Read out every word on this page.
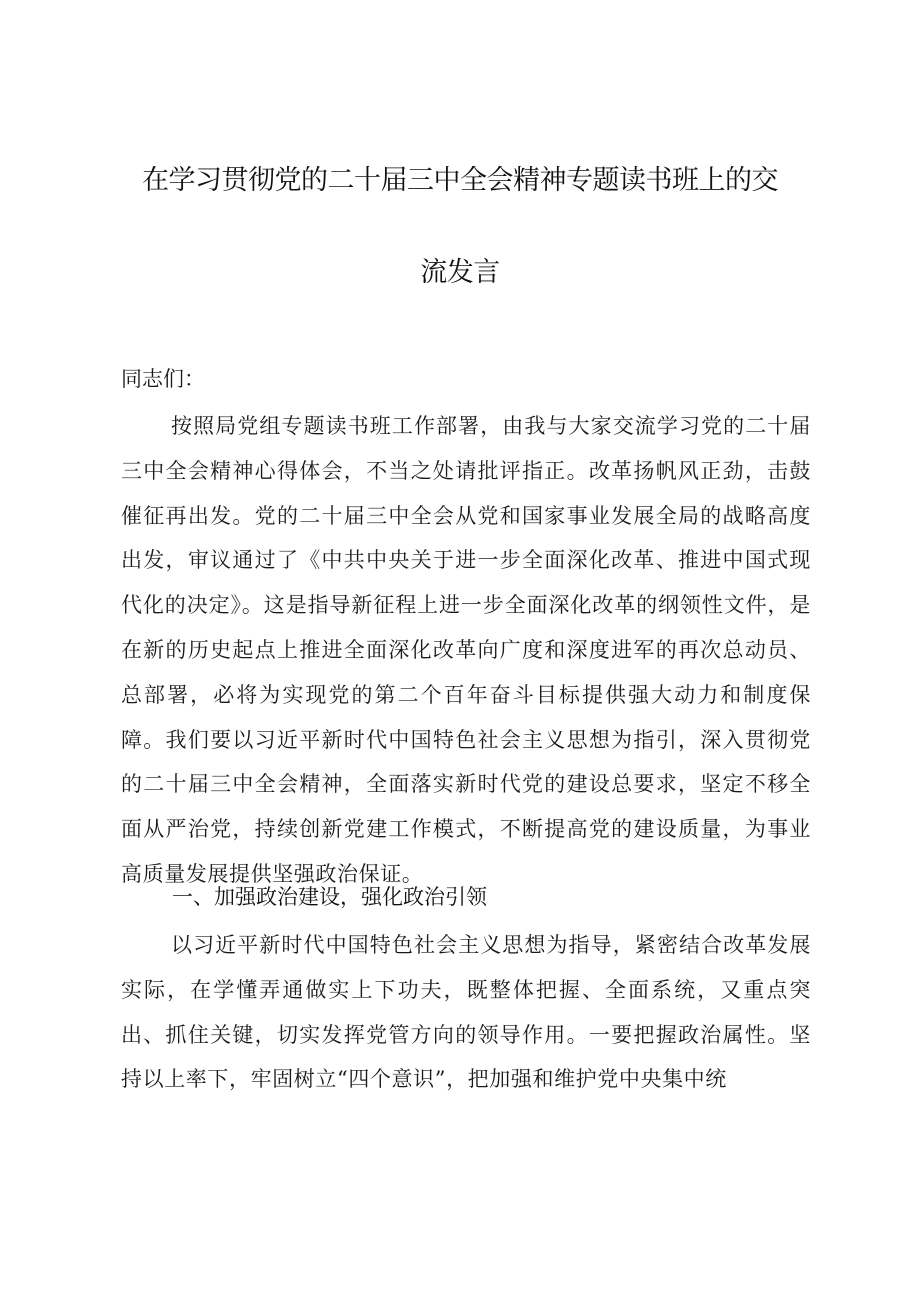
在学习贯彻党的二十届三中全会精神专题读书班上的交
流发言

同志们：

按照局党组专题读书班工作部署，由我与大家交流学习党的二十届三中全会精神心得体会，不当之处请批评指正。改革扬帆风正劲，击鼓催征再出发。党的二十届三中全会从党和国家事业发展全局的战略高度出发，审议通过了《中共中央关于进一步全面深化改革、推进中国式现代化的决定》。这是指导新征程上进一步全面深化改革的纲领性文件，是在新的历史起点上推进全面深化改革向广度和深度进军的再次总动员、总部署，必将为实现党的第二个百年奋斗目标提供强大动力和制度保障。我们要以习近平新时代中国特色社会主义思想为指引，深入贯彻党的二十届三中全会精神，全面落实新时代党的建设总要求，坚定不移全面从严治党，持续创新党建工作模式，不断提高党的建设质量，为事业高质量发展提供坚强政治保证。

一、加强政治建设，强化政治引领

以习近平新时代中国特色社会主义思想为指导，紧密结合改革发展实际，在学懂弄通做实上下功夫，既整体把握、全面系统，又重点突出、抓住关键，切实发挥党管方向的领导作用。一要把握政治属性。坚持以上率下，牢固树立“四个意识”，把加强和维护党中央集中统
